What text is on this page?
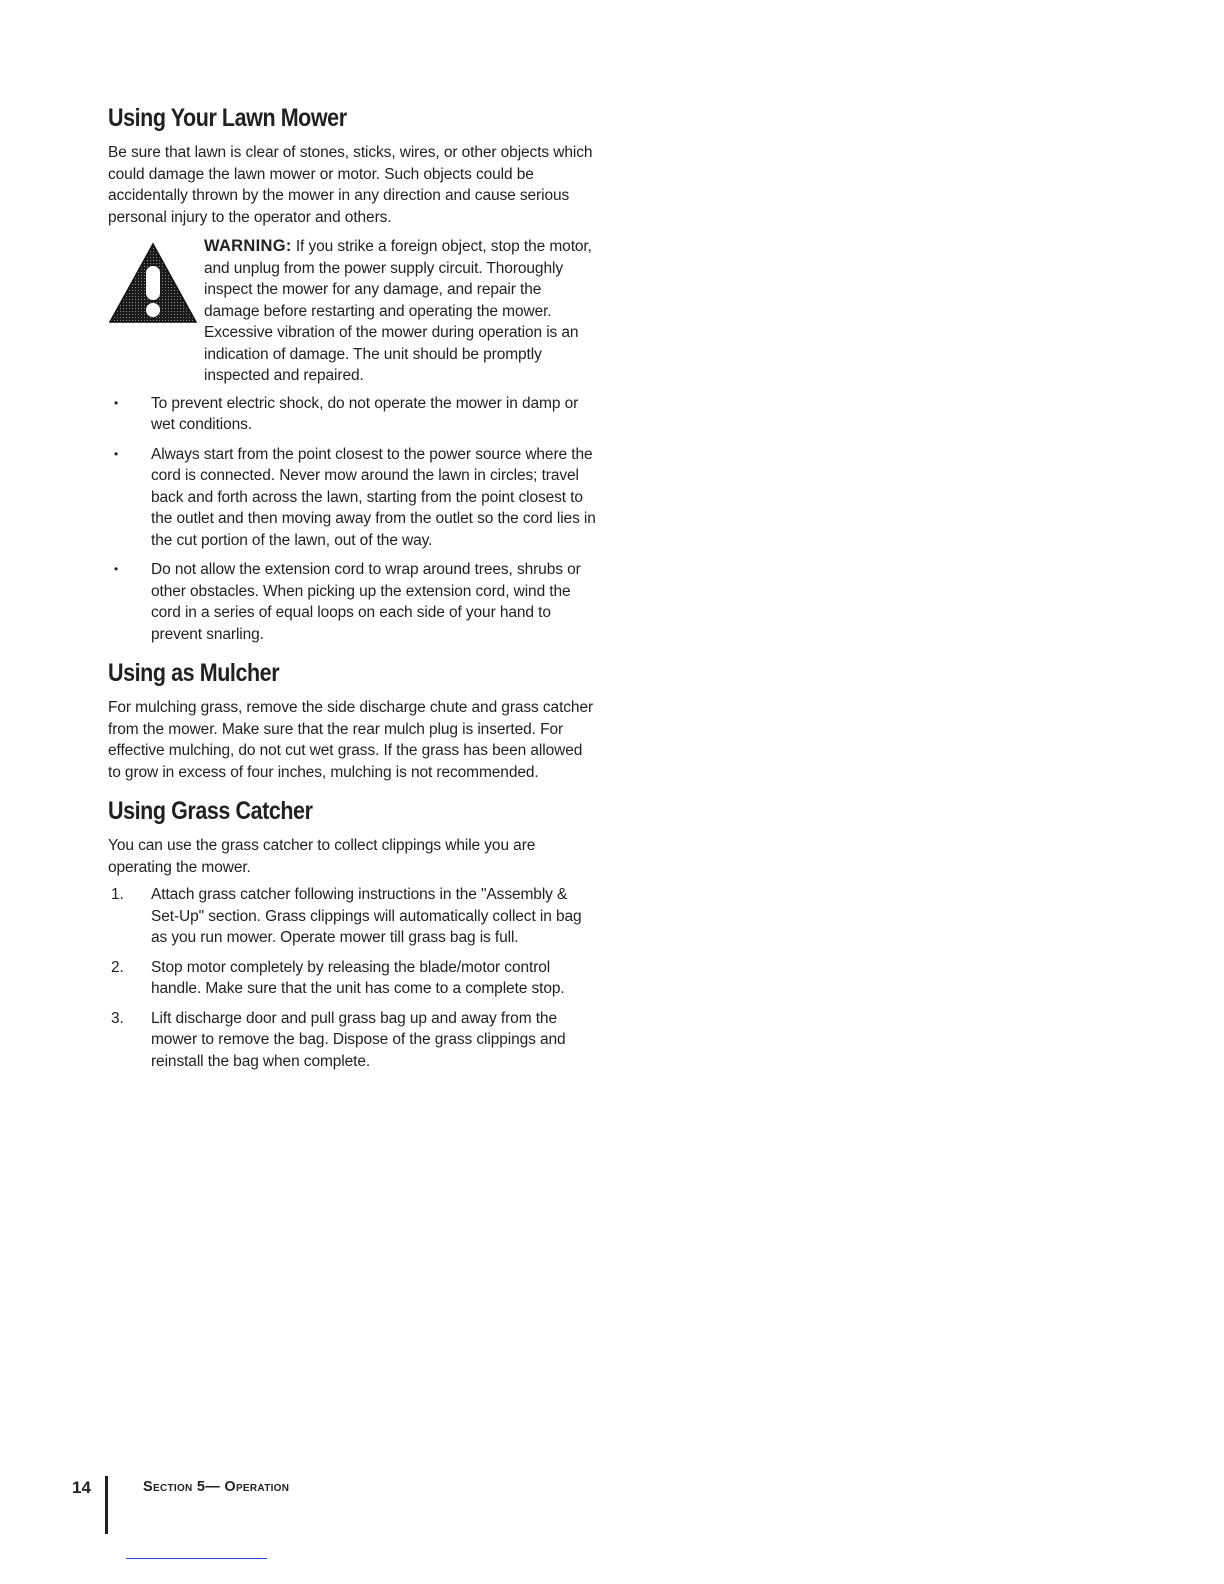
Using Your Lawn Mower

Be sure that lawn is clear of stones, sticks, wires, or other objects which could damage the lawn mower or motor. Such objects could be accidentally thrown by the mower in any direction and cause serious personal injury to the operator and others.

WARNING: If you strike a foreign object, stop the motor, and unplug from the power supply circuit. Thoroughly inspect the mower for any damage, and repair the damage before restarting and operating the mower. Excessive vibration of the mower during operation is an indication of damage. The unit should be promptly inspected and repaired.
•	To prevent electric shock, do not operate the mower in damp or wet conditions.
•	Always start from the point closest to the power source where the cord is connected. Never mow around the lawn in circles; travel back and forth across the lawn, starting from the point closest to the outlet and then moving away from the outlet so the cord lies in the cut portion of the lawn, out of the way.
•	Do not allow the extension cord to wrap around trees, shrubs or other obstacles. When picking up the extension cord, wind the cord in a series of equal loops on each side of your hand to prevent snarling.
Using as Mulcher

For mulching grass, remove the side discharge chute and grass catcher from the mower. Make sure that the rear mulch plug is inserted. For effective mulching, do not cut wet grass. If the grass has been allowed to grow in excess of four inches, mulching is not recommended.

Using Grass Catcher

You can use the grass catcher to collect clippings while you are operating the mower.

1.	Attach grass catcher following instructions in the "Assembly & Set-Up" section. Grass clippings will automatically collect in bag as you run mower. Operate mower till grass bag is full.
2.	Stop motor completely by releasing the blade/motor control handle. Make sure that the unit has come to a complete stop.
3.	Lift discharge door and pull grass bag up and away from the mower to remove the bag. Dispose of the grass clippings and reinstall the bag when complete.
14	Section 5— Operation
